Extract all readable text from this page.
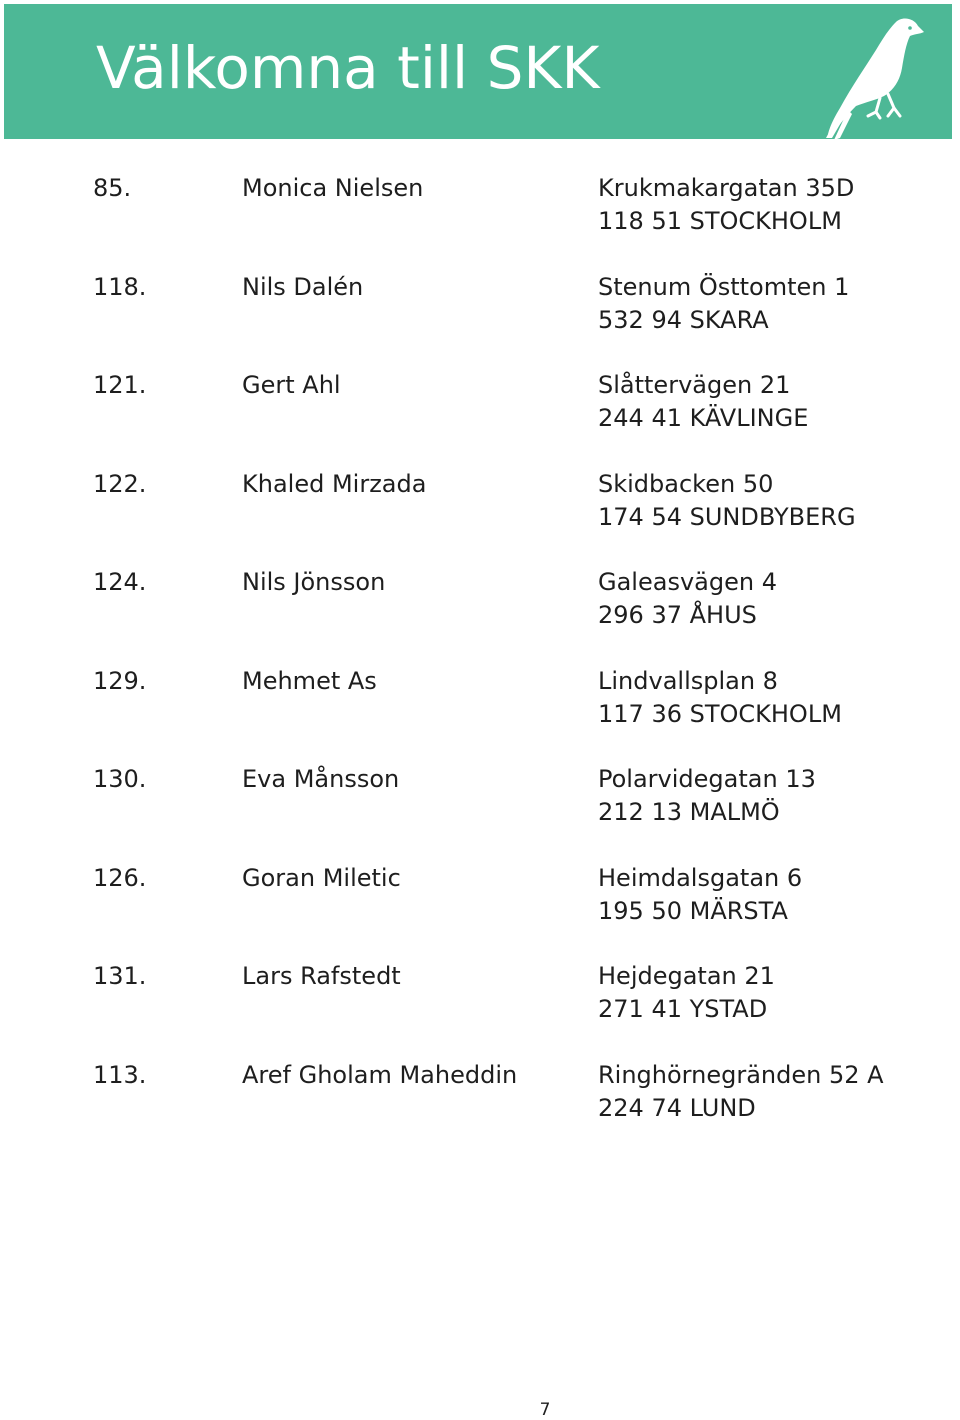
Välkomna till SKK
85.	Monica Nielsen	Krukmakargatan 35D
118 51 STOCKHOLM
118.	Nils Dalén	Stenum Östtomten 1
532 94 SKARA
121.	Gert Ahl	Slåttervägen 21
244 41 KÄVLINGE
122.	Khaled Mirzada	Skidbacken 50
174 54 SUNDBYBERG
124.	Nils Jönsson	Galeasvägen 4
296 37 ÅHUS
129.	Mehmet As	Lindvallsplan 8
117 36 STOCKHOLM
130.	Eva Månsson	Polarvidegatan 13
212 13 MALMÖ
126.	Goran Miletic	Heimdalsgatan 6
195 50 MÄRSTA
131.	Lars Rafstedt	Hejdegatan 21
271 41 YSTAD
113.	Aref Gholam Maheddin	Ringhörnegränden 52 A
224 74 LUND
7
